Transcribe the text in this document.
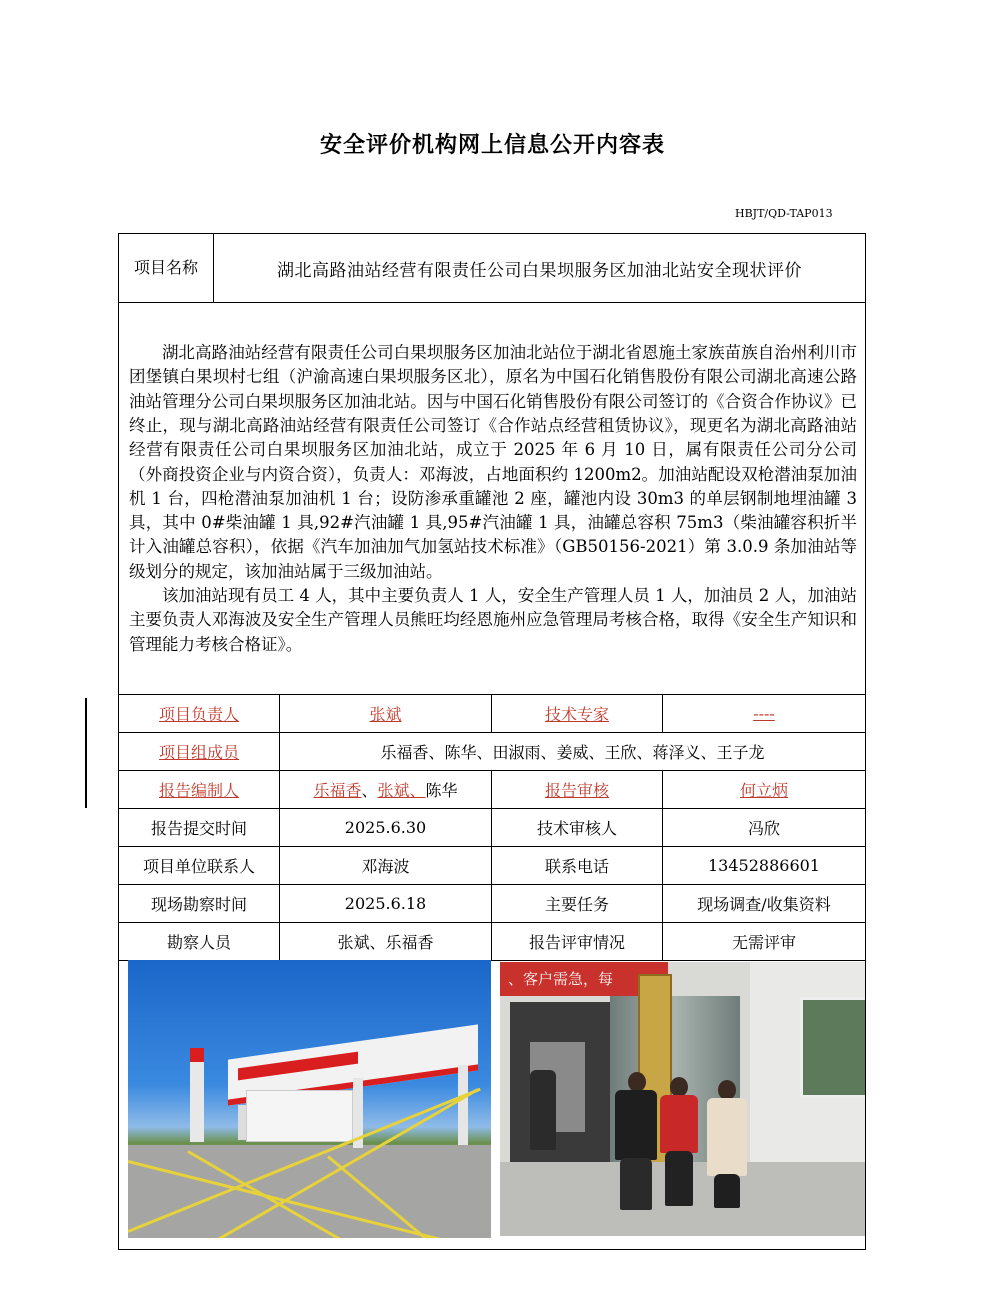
安全评价机构网上信息公开内容表
HBJT/QD-TAP013
项目名称	湖北高路油站经营有限责任公司白果坝服务区加油北站安全现状评价			

湖北高路油站经营有限责任公司白果坝服务区加油北站位于湖北省恩施土家族苗族自治州利川市团堡镇白果坝村七组（沪渝高速白果坝服务区北），原名为中国石化销售股份有限公司湖北高速公路油站管理分公司白果坝服务区加油北站。因与中国石化销售股份有限公司签订的《合资合作协议》已终止，现与湖北高路油站经营有限责任公司签订《合作站点经营租赁协议》，现更名为湖北高路油站经营有限责任公司白果坝服务区加油北站，成立于 2025 年 6 月 10 日，属有限责任公司分公司（外商投资企业与内资合资），负责人：邓海波，占地面积约 1200m2。加油站配设双枪潜油泵加油机 1 台，四枪潜油泵加油机 1 台；设防渗承重罐池 2 座，罐池内设 30m3 的单层钢制地埋油罐 3 具，其中 0#柴油罐 1 具,92#汽油罐 1 具,95#汽油罐 1 具，油罐总容积 75m3（柴油罐容积折半计入油罐总容积），依据《汽车加油加气加氢站技术标准》（GB50156-2021）第 3.0.9 条加油站等级划分的规定，该加油站属于三级加油站。

该加油站现有员工 4 人，其中主要负责人 1 人，安全生产管理人员 1 人，加油员 2 人，加油站主要负责人邓海波及安全生产管理人员熊旺均经恩施州应急管理局考核合格，取得《安全生产知识和管理能力考核合格证》。				

项目负责人		张斌	技术专家	----
项目组成员		乐福香、陈华、田淑雨、姜威、王欣、蒋泽义、王子龙		
报告编制人		乐福香、张斌、陈华	报告审核	何立炳
报告提交时间		2025.6.30	技术审核人	冯欣
项目单位联系人		邓海波	联系电话	13452886601
现场勘察时间		2025.6.18	主要任务	现场调查/收集资料
勘察人员		张斌、乐福香	报告评审情况	无需评审

、客户需急，每
